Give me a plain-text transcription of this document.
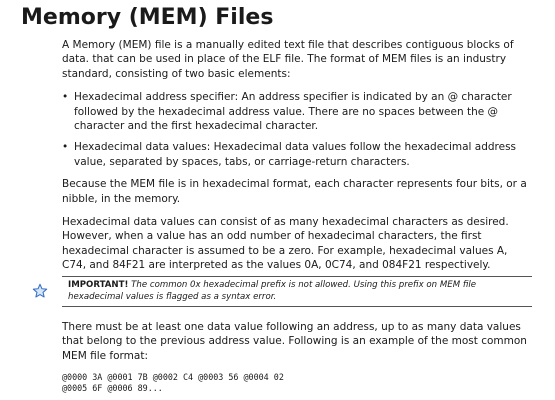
Memory (MEM) Files

A Memory (MEM) file is a manually edited text file that describes contiguous blocks of data. that can be used in place of the ELF file. The format of MEM files is an industry standard, consisting of two basic elements:

• Hexadecimal address specifier: An address specifier is indicated by an @ character followed by the hexadecimal address value. There are no spaces between the @ character and the first hexadecimal character.
• Hexadecimal data values: Hexadecimal data values follow the hexadecimal address value, separated by spaces, tabs, or carriage-return characters.

Because the MEM file is in hexadecimal format, each character represents four bits, or a nibble, in the memory.

Hexadecimal data values can consist of as many hexadecimal characters as desired. However, when a value has an odd number of hexadecimal characters, the first hexadecimal character is assumed to be a zero. For example, hexadecimal values A, C74, and 84F21 are interpreted as the values 0A, 0C74, and 084F21 respectively.

IMPORTANT! The common 0x hexadecimal prefix is not allowed. Using this prefix on MEM file hexadecimal values is flagged as a syntax error.

There must be at least one data value following an address, up to as many data values that belong to the previous address value. Following is an example of the most common MEM file format:

@0000 3A @0001 7B @0002 C4 @0003 56 @0004 02
@0005 6F @0006 89...
